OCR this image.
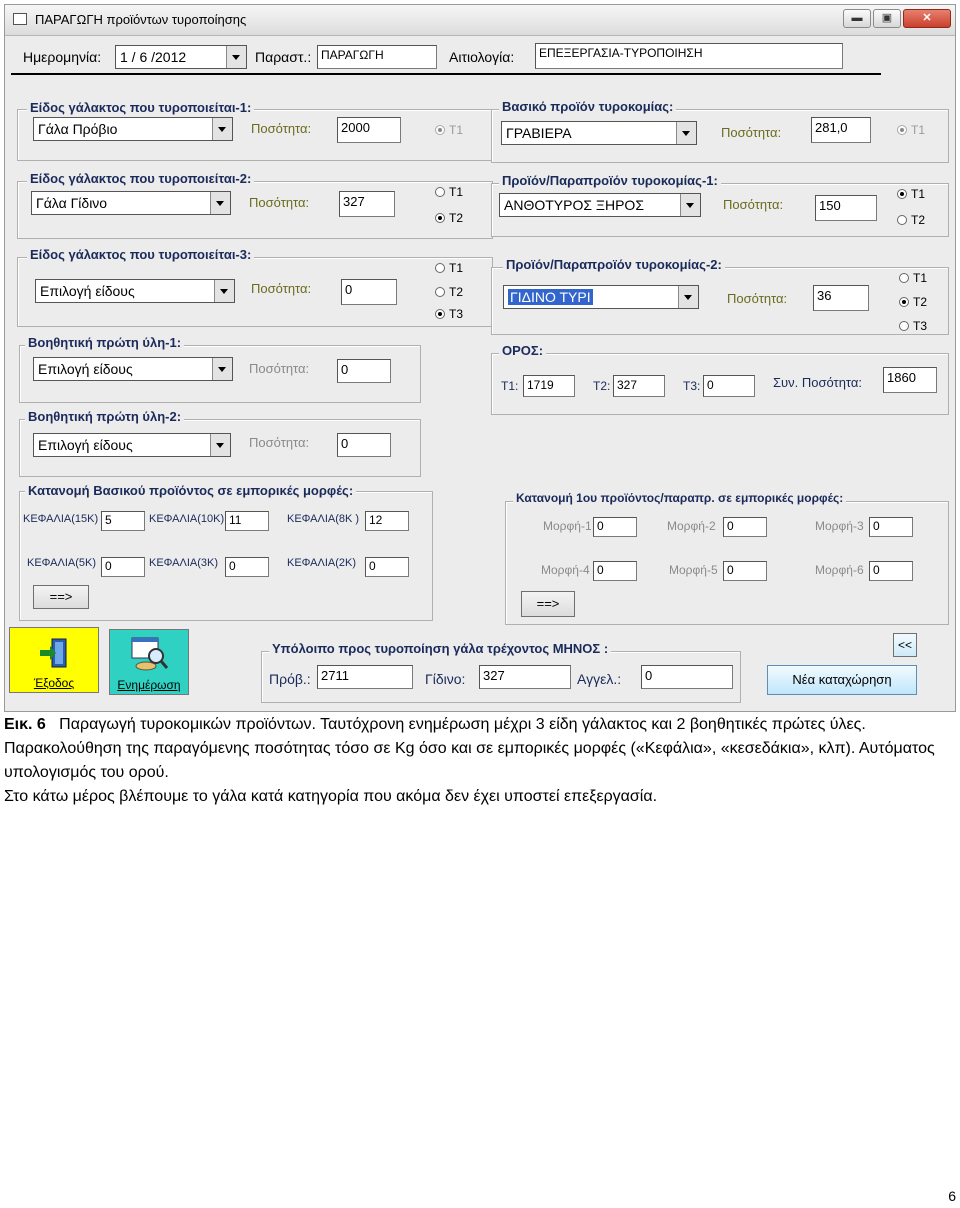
ΠΑΡΑΓΩΓΗ προϊόντων τυροποίησης	▬	▣	✕
Ημερομηνία:	1 / 6 /2012	Παραστ.: ΠΑΡΑΓΩΓΗ	Αιτιολογία:	ΕΠΕΞΕΡΓΑΣΙΑ-ΤΥΡΟΠΟΙΗΣΗ
Είδος γάλακτος που τυροποιείται-1:
Γάλα Πρόβιο	Ποσότητα:	2000	T1
Είδος γάλακτος που τυροποιείται-2:
Γάλα Γίδινο	Ποσότητα:	327
T1
T2
Είδος γάλακτος που τυροποιείται-3:
Επιλογή είδους	Ποσότητα:	0
T1
T2
T3
Βοηθητική πρώτη ύλη-1:
Επιλογή είδους	Ποσότητα:	0
Βοηθητική πρώτη ύλη-2:
Επιλογή είδους	Ποσότητα:	0
Βασικό προϊόν τυροκομίας:
ΓΡΑΒΙΕΡΑ	Ποσότητα:	281,0	T1
Προϊόν/Παραπροϊόν τυροκομίας-1:
ΑΝΘΟΤΥΡΟΣ ΞΗΡΟΣ	Ποσότητα:	150
T1
T2
Προϊόν/Παραπροϊόν τυροκομίας-2:
ΓΙΔΙΝΟ ΤΥΡΙ	Ποσότητα:	36
T1
T2
T3
ΟΡΟΣ:
Τ1: 1719	Τ2: 327	Τ3: 0	Συν. Ποσότητα:	1860
Κατανομή Βασικού προϊόντος σε εμπορικές μορφές:
ΚΕΦΑΛΙΑ(15Κ) 5	ΚΕΦΑΛΙΑ(10Κ) 11	ΚΕΦΑΛΙΑ(8Κ ) 12
ΚΕΦΑΛΙΑ(5Κ) 0	ΚΕΦΑΛΙΑ(3Κ) 0	ΚΕΦΑΛΙΑ(2Κ)	0
==>
Κατανομή 1ου προϊόντος/παραπρ. σε εμπορικές μορφές:
Μορφή-1 0	Μορφή-2 0	Μορφή-3 0
Μορφή-4 0	Μορφή-5 0	Μορφή-6 0
==>
Έξοδος	Ενημέρωση
Υπόλοιπο προς τυροποίηση γάλα τρέχοντος ΜΗΝΟΣ :
Πρόβ.: 2711	Γίδινο:	327	Αγγελ.:	0
<<
Νέα καταχώρηση
Εικ. 6 Παραγωγή τυροκομικών προϊόντων. Ταυτόχρονη ενημέρωση μέχρι 3 είδη γάλακτος και 2 βοηθητικές πρώτες ύλες. Παρακολούθηση της παραγόμενης ποσότητας τόσο σε Kg όσο και σε εμπορικές μορφές («Κεφάλια», «κεσεδάκια», κλπ). Αυτόματος υπολογισμός του ορού.
Στο κάτω μέρος βλέπουμε το γάλα κατά κατηγορία που ακόμα δεν έχει υποστεί επεξεργασία.
6
